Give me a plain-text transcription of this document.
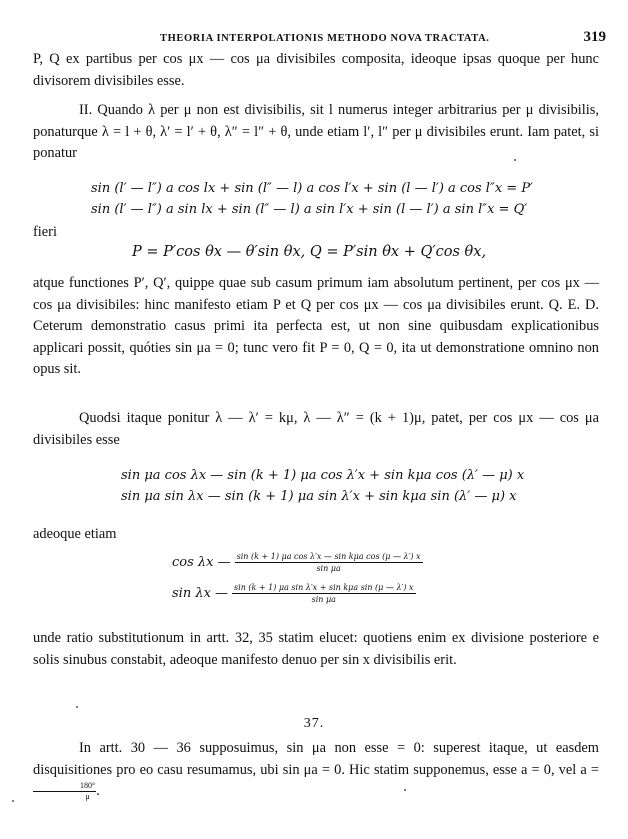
THEORIA INTERPOLATIONIS METHODO NOVA TRACTATA.	319

P, Q ex partibus per cos μx — cos μa divisibiles composita, ideoque ipsas quoque per hunc divisorem divisibiles esse.

II. Quando λ per μ non est divisibilis, sit l numerus integer arbitrarius per μ divisibilis, ponaturque λ = l + θ, λ′ = l′ + θ, λ″ = l″ + θ, unde etiam l′, l″ per μ divisibiles erunt. Iam patet, si ponatur

sin (l′ — l″) a cos lx + sin (l″ — l) a cos l′x + sin (l — l′) a cos l″x = P′
sin (l′ — l″) a sin lx + sin (l″ — l) a sin l′x + sin (l — l′) a sin l″x = Q′
fieri
P = P′cos θx — θ′sin θx, Q = P′sin θx + Q′cos θx,

atque functiones P′, Q′, quippe quae sub casum primum iam absolutum pertinent, per cos μx — cos μa divisibiles: hinc manifesto etiam P et Q per cos μx — cos μa divisibiles erunt. Q. E. D. Ceterum demonstratio casus primi ita perfecta est, ut non sine quibusdam explicationibus applicari possit, quóties sin μa = 0; tunc vero fit P = 0, Q = 0, ita ut demonstratione omnino non opus sit.

Quodsi itaque ponitur λ — λ′ = kμ, λ — λ″ = (k + 1)μ, patet, per cos μx — cos μa divisibiles esse

sin μa cos λx — sin (k + 1) μa cos λ′x + sin kμa cos (λ′ — μ) x
sin μa sin λx — sin (k + 1) μa sin λ′x + sin kμa sin (λ′ — μ) x
adeoque etiam
cos λx — $\frac{\text{sin (k + 1) μa cos λ′x — sin kμa cos (μ — λ′) x}}{\text{sin μa}}$
sin λx — $\frac{\text{sin (k + 1) μa sin λ′x + sin kμa sin (μ — λ′) x}}{\text{sin μa}}$

unde ratio substitutionum in artt. 32, 35 statim elucet: quotiens enim ex divisione posteriore e solis sinubus constabit, adeoque manifesto denuo per sin x divisibilis erit.

37.

In artt. 30 — 36 supposuimus, sin μa non esse = 0: superest itaque, ut easdem disquisitiones pro eo casu resumamus, ubi sin μa = 0. Hic statim supponemus, esse a = 0, vel a =
$\frac{180^\circ}{\mu}$ .
